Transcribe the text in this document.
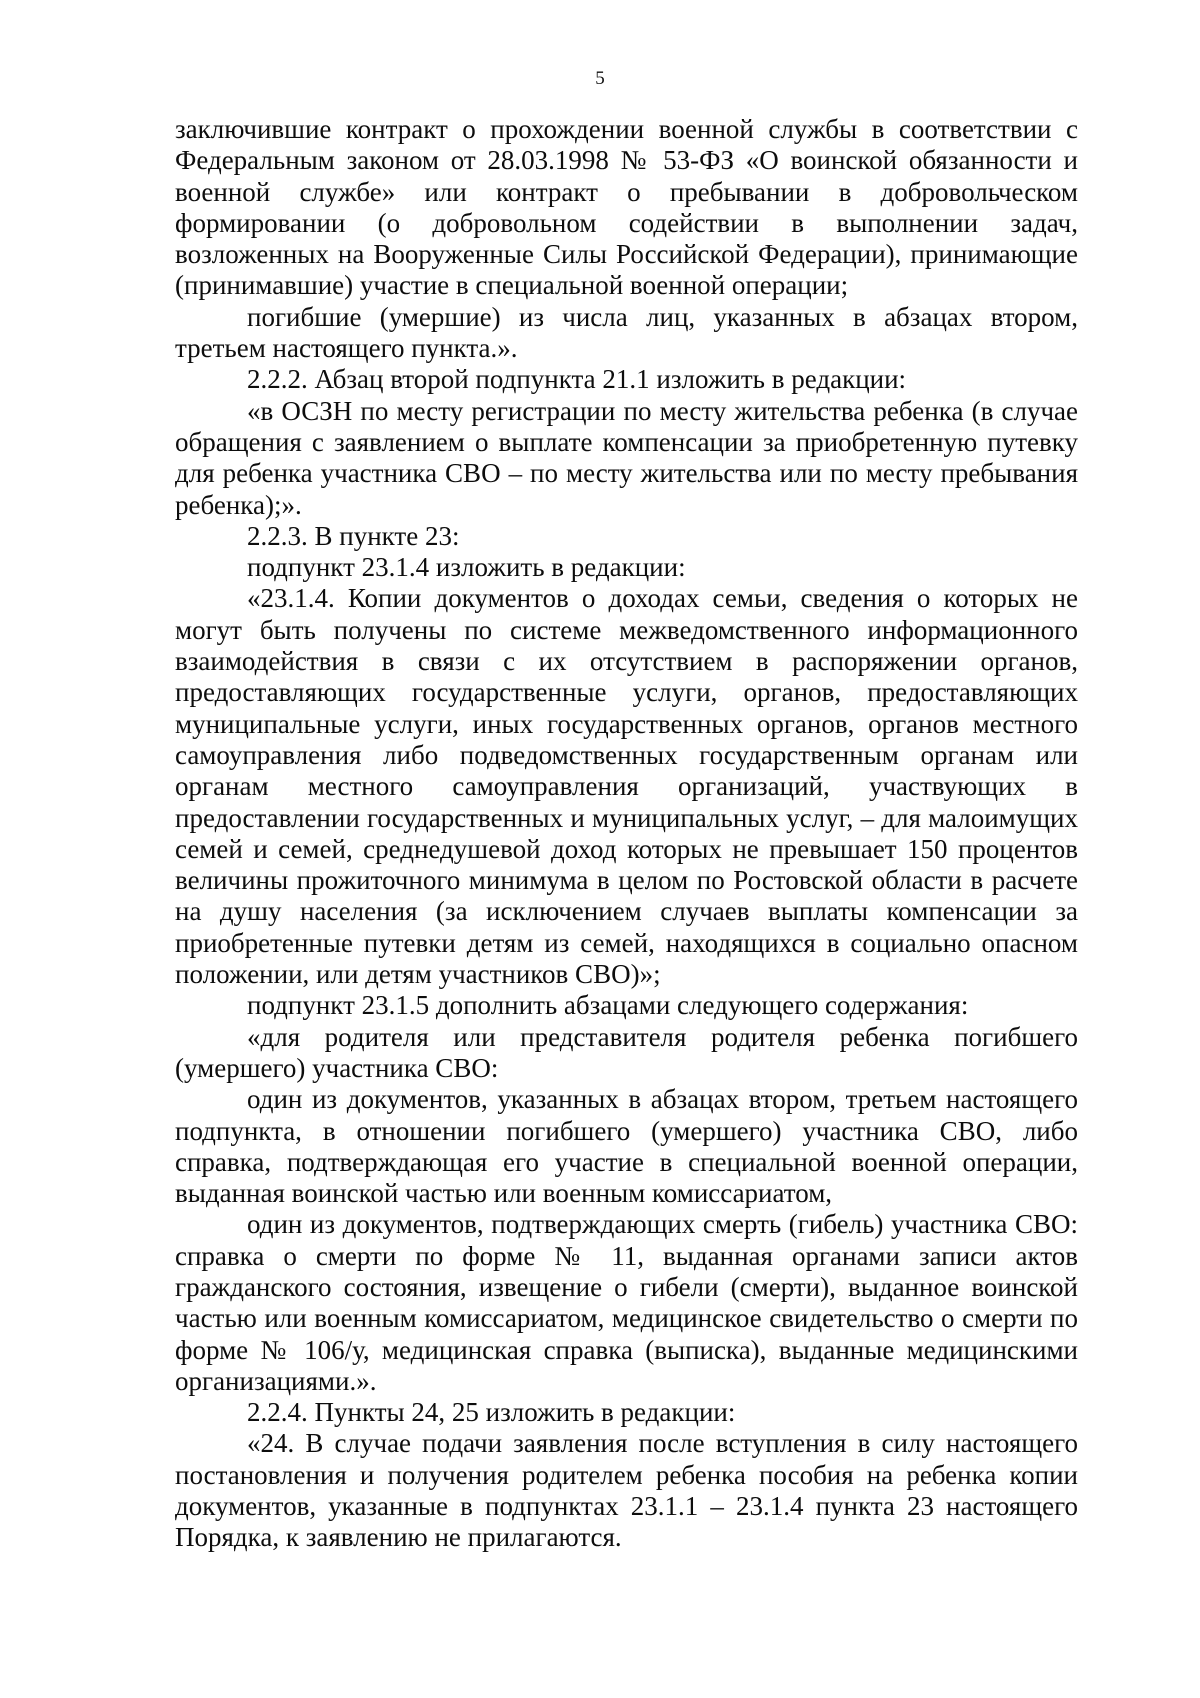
5

заключившие контракт о прохождении военной службы в соответствии с Федеральным законом от 28.03.1998 № 53-ФЗ «О воинской обязанности и военной службе» или контракт о пребывании в добровольческом формировании (о добровольном содействии в выполнении задач, возложенных на Вооруженные Силы Российской Федерации), принимающие (принимавшие) участие в специальной военной операции;

погибшие (умершие) из числа лиц, указанных в абзацах втором, третьем настоящего пункта.».

2.2.2. Абзац второй подпункта 21.1 изложить в редакции:

«в ОСЗН по месту регистрации по месту жительства ребенка (в случае обращения с заявлением о выплате компенсации за приобретенную путевку для ребенка участника СВО – по месту жительства или по месту пребывания ребенка);».

2.2.3. В пункте 23:

подпункт 23.1.4 изложить в редакции:

«23.1.4. Копии документов о доходах семьи, сведения о которых не могут быть получены по системе межведомственного информационного взаимодействия в связи с их отсутствием в распоряжении органов, предоставляющих государственные услуги, органов, предоставляющих муниципальные услуги, иных государственных органов, органов местного самоуправления либо подведомственных государственным органам или органам местного самоуправления организаций, участвующих в предоставлении государственных и муниципальных услуг, – для малоимущих семей и семей, среднедушевой доход которых не превышает 150 процентов величины прожиточного минимума в целом по Ростовской области в расчете на душу населения (за исключением случаев выплаты компенсации за приобретенные путевки детям из семей, находящихся в социально опасном положении, или детям участников СВО)»;

подпункт 23.1.5 дополнить абзацами следующего содержания:

«для родителя или представителя родителя ребенка погибшего (умершего) участника СВО:

один из документов, указанных в абзацах втором, третьем настоящего подпункта, в отношении погибшего (умершего) участника СВО, либо справка, подтверждающая его участие в специальной военной операции, выданная воинской частью или военным комиссариатом,

один из документов, подтверждающих смерть (гибель) участника СВО: справка о смерти по форме № 11, выданная органами записи актов гражданского состояния, извещение о гибели (смерти), выданное воинской частью или военным комиссариатом, медицинское свидетельство о смерти по форме № 106/у, медицинская справка (выписка), выданные медицинскими организациями.».

2.2.4. Пункты 24, 25 изложить в редакции:

«24. В случае подачи заявления после вступления в силу настоящего постановления и получения родителем ребенка пособия на ребенка копии документов, указанные в подпунктах 23.1.1 – 23.1.4 пункта 23 настоящего Порядка, к заявлению не прилагаются.
